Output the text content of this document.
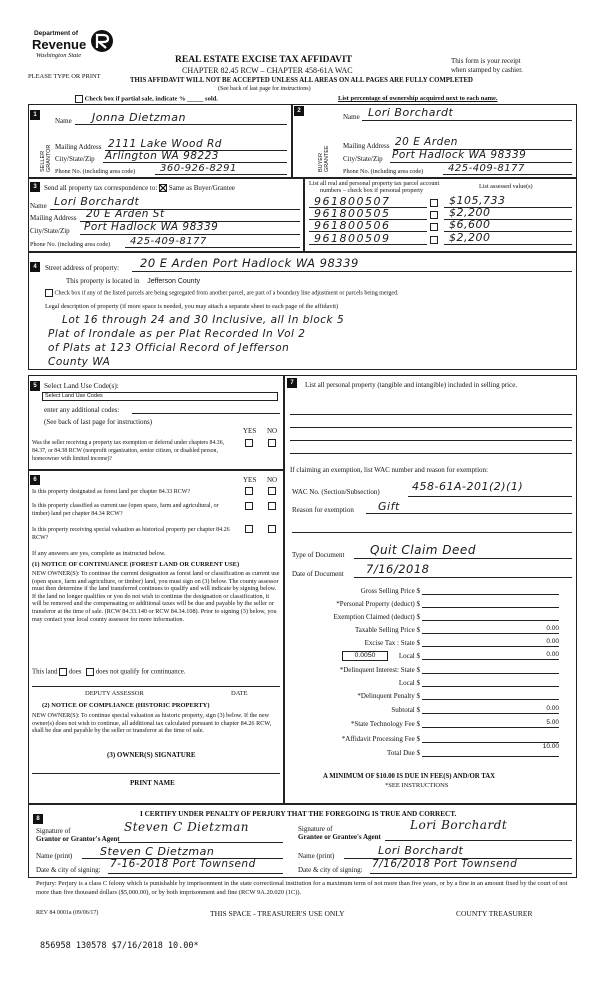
Department of
Revenue
Washington State
PLEASE TYPE OR PRINT
REAL ESTATE EXCISE TAX AFFIDAVIT
CHAPTER 82.45 RCW – CHAPTER 458-61A WAC
THIS AFFIDAVIT WILL NOT BE ACCEPTED UNLESS ALL AREAS ON ALL PAGES ARE FULLY COMPLETED
(See back of last page for instructions)
This form is your receipt
when stamped by cashier.
Check box if partial sale, indicate % _____ sold.	List percentage of ownership acquired next to each name.
1
2
SELLER GRANTOR	BUYER GRANTEE
Name Jonna Dietzman
Mailing Address 2111 Lake Wood Rd
City/State/Zip Arlington WA 98223
Phone No. (including area code) 360-926-8291
Name Lori Borchardt
Mailing Address 20 E Arden
City/State/Zip Port Hadlock WA 98339
Phone No. (including area code) 425-409-8177
3	Send all property tax correspondence to: Same as Buyer/Grantee
Name Lori Borchardt
Mailing Address 20 E Arden St
City/State/Zip Port Hadlock WA 98339
Phone No. (including area code) 425-409-8177
List all real and personal property tax parcel account
numbers – check box if personal property
List assessed value(s)
961800507	$105,733
961800505	$2,200
961800506	$6,600
961800509	$2,200
4	Street address of property: 20 E Arden Port Hadlock WA 98339
This property is located in Jefferson County
Check box if any of the listed parcels are being segregated from another parcel, are part of a boundary line adjustment or parcels being merged.
Legal description of property (if more space is needed, you may attach a separate sheet to each page of the affidavit)
Lot 16 through 24 and 30 Inclusive, all In block 5
Plat of Irondale as per Plat Recorded In Vol 2
of Plats at 123 Official Record of Jefferson
County WA
5	Select Land Use Code(s):
Select Land Use Codes
enter any additional codes:
(See back of last page for instructions)
YES NO
Was the seller receiving a property tax exemption or deferral under chapters 84.36, 84.37, or 84.38 RCW (nonprofit organization, senior citizen, or disabled person, homeowner with limited income)?
6	YES NO
Is this property designated as forest land per chapter 84.33 RCW?
Is this property classified as current use (open space, farm and agricultural, or timber) land per chapter 84.34 RCW?
Is this property receiving special valuation as historical property per chapter 84.26 RCW?
If any answers are yes, complete as instructed below.
(1) NOTICE OF CONTINUANCE (FOREST LAND OR CURRENT USE)
NEW OWNER(S): To continue the current designation as forest land or classification as current use (open space, farm and agriculture, or timber) land, you must sign on (3) below. The county assessor must then determine if the land transferred continues to qualify and will indicate by signing below. If the land no longer qualifies or you do not wish to continue the designation or classification, it will be removed and the compensating or additional taxes will be due and payable by the seller or transferor at the time of sale. (RCW 84.33.140 or RCW 84.34.108). Prior to signing (3) below, you may contact your local county assessor for more information.
This land does does not qualify for continuance.
DEPUTY ASSESSOR	DATE
(2) NOTICE OF COMPLIANCE (HISTORIC PROPERTY)
NEW OWNER(S): To continue special valuation as historic property, sign (3) below. If the new owner(s) does not wish to continue, all additional tax calculated pursuant to chapter 84.26 RCW, shall be due and payable by the seller or transferor at the time of sale.
(3) OWNER(S) SIGNATURE
PRINT NAME
7	List all personal property (tangible and intangible) included in selling price.
If claiming an exemption, list WAC number and reason for exemption:
WAC No. (Section/Subsection)	458-61A-201(2)(1)
Reason for exemption Gift
Type of Document Quit Claim Deed
Date of Document 7/16/2018
Gross Selling Price $
*Personal Property (deduct) $
Exemption Claimed (deduct) $
Taxable Selling Price $	0.00
Excise Tax : State $	0.00
0.0050	Local $	0.00
*Delinquent Interest: State $
Local $
*Delinquent Penalty $
Subtotal $	0.00
*State Technology Fee $	5.00
*Affidavit Processing Fee $
Total Due $
10.00
A MINIMUM OF $10.00 IS DUE IN FEE(S) AND/OR TAX
*SEE INSTRUCTIONS
8
I CERTIFY UNDER PENALTY OF PERJURY THAT THE FOREGOING IS TRUE AND CORRECT.
Signature of
Grantor or Grantor's Agent
Steven C Dietzman
Name (print)	Steven C Dietzman
Date & city of signing: 7-16-2018 Port Townsend
Signature of
Grantee or Grantee's Agent
Lori Borchardt
Name (print)	Lori Borchardt
Date & city of signing: 7/16/2018 Port Townsend
Perjury: Perjury is a class C felony which is punishable by imprisonment in the state correctional institution for a maximum term of not more than five years, or by a fine in an amount fixed by the court of not more than five thousand dollars ($5,000.00), or by both imprisonment and fine (RCW 9A.20.020 (1C)).
REV 84 0001a (09/06/17)	THIS SPACE - TREASURER'S USE ONLY	COUNTY TREASURER
856958 130578 $7/16/2018 10.00*
